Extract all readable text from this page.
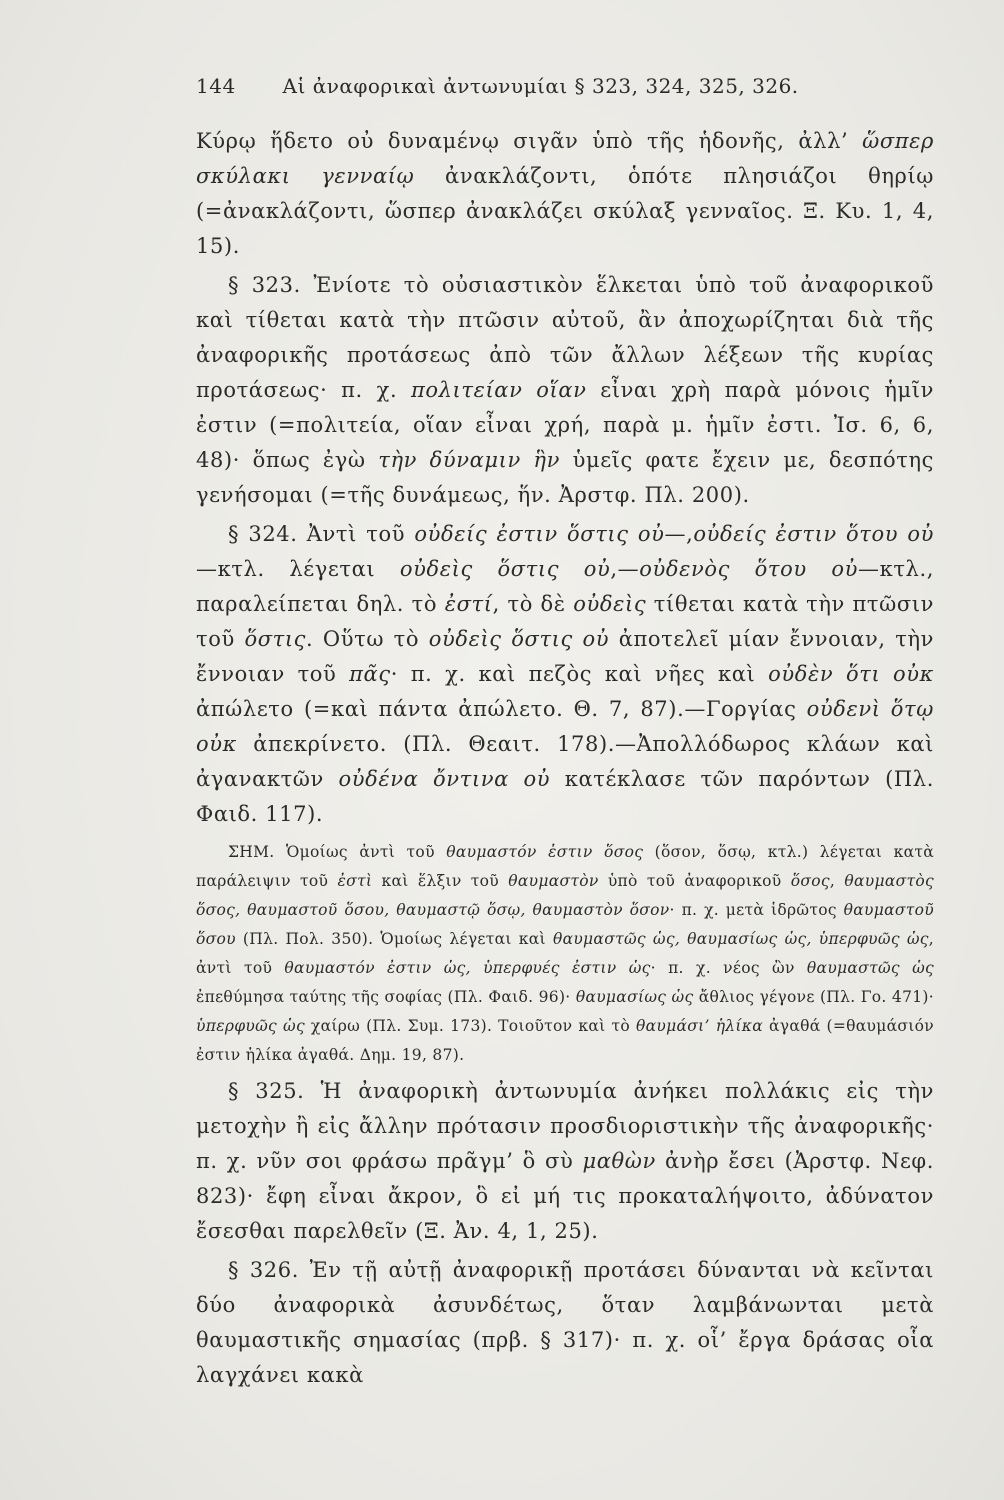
144 Αἱ ἀναφορικαὶ ἀντωνυμίαι § 323, 324, 325, 326.

Κύρῳ ἥδετο οὐ δυναμένῳ σιγᾶν ὑπὸ τῆς ἡδονῆς, ἀλλ’ ὥσπερ σκύλακι γενναίῳ ἀνακλάζοντι, ὁπότε πλησιάζοι θηρίῳ (=ἀνακλάζοντι, ὥσπερ ἀνακλάζει σκύλαξ γενναῖος. Ξ. Κυ. 1, 4, 15).

§ 323. Ἐνίοτε τὸ οὐσιαστικὸν ἕλκεται ὑπὸ τοῦ ἀναφορικοῦ καὶ τίθεται κατὰ τὴν πτῶσιν αὐτοῦ, ἂν ἀποχωρίζηται διὰ τῆς ἀναφορικῆς προτάσεως ἀπὸ τῶν ἄλλων λέξεων τῆς κυρίας προτάσεως· π. χ. πολιτείαν οἵαν εἶναι χρὴ παρὰ μόνοις ἡμῖν ἐστιν (=πολιτεία, οἵαν εἶναι χρή, παρὰ μ. ἡμῖν ἐστι. Ἰσ. 6, 6, 48)· ὅπως ἐγὼ τὴν δύναμιν ἣν ὑμεῖς φατε ἔχειν με, δεσπότης γενήσομαι (=τῆς δυνάμεως, ἥν. Ἀρστφ. Πλ. 200).

§ 324. Ἀντὶ τοῦ οὐδείς ἐστιν ὅστις οὐ—,οὐδείς ἐστιν ὅτου οὐ—κτλ. λέγεται οὐδεὶς ὅστις οὐ,—οὐδενὸς ὅτου οὐ—κτλ., παραλείπεται δηλ. τὸ ἐστί, τὸ δὲ οὐδεὶς τίθεται κατὰ τὴν πτῶσιν τοῦ ὅστις. Οὕτω τὸ οὐδεὶς ὅστις οὐ ἀποτελεῖ μίαν ἔννοιαν, τὴν ἔννοιαν τοῦ πᾶς· π. χ. καὶ πεζὸς καὶ νῆες καὶ οὐδὲν ὅτι οὐκ ἀπώλετο (=καὶ πάντα ἀπώλετο. Θ. 7, 87).—Γοργίας οὐδενὶ ὅτῳ οὐκ ἀπεκρίνετο. (Πλ. Θεαιτ. 178).—Ἀπολλόδωρος κλάων καὶ ἀγανακτῶν οὐδένα ὄντινα οὐ κατέκλασε τῶν παρόντων (Πλ. Φαιδ. 117).

ΣΗΜ. Ὁμοίως ἀντὶ τοῦ θαυμαστόν ἐστιν ὅσος (ὅσον, ὅσῳ, κτλ.) λέγεται κατὰ παράλειψιν τοῦ ἐστὶ καὶ ἕλξιν τοῦ θαυμαστὸν ὑπὸ τοῦ ἀναφορικοῦ ὅσος, θαυμαστὸς ὅσος, θαυμαστοῦ ὅσου, θαυμαστῷ ὅσῳ, θαυμαστὸν ὅσον· π. χ. μετὰ ἱδρῶτος θαυμαστοῦ ὅσου (Πλ. Πολ. 350). Ὁμοίως λέγεται καὶ θαυμαστῶς ὡς, θαυμασίως ὡς, ὑπερφυῶς ὡς, ἀντὶ τοῦ θαυμαστόν ἐστιν ὡς, ὑπερφυές ἐστιν ὡς· π. χ. νέος ὢν θαυμαστῶς ὡς ἐπεθύμησα ταύτης τῆς σοφίας (Πλ. Φαιδ. 96)· θαυμασίως ὡς ἄθλιος γέγονε (Πλ. Γο. 471)· ὑπερφυῶς ὡς χαίρω (Πλ. Συμ. 173). Τοιοῦτον καὶ τὸ θαυμάσι’ ἡλίκα ἀγαθά (=θαυμάσιόν ἐστιν ἡλίκα ἀγαθά. Δημ. 19, 87).

§ 325. Ἡ ἀναφορικὴ ἀντωνυμία ἀνήκει πολλάκις εἰς τὴν μετοχὴν ἢ εἰς ἄλλην πρότασιν προσδιοριστικὴν τῆς ἀναφορικῆς· π. χ. νῦν σοι φράσω πρᾶγμ’ ὃ σὺ μαθὼν ἀνὴρ ἔσει (Ἀρστφ. Νεφ. 823)· ἔφη εἶναι ἄκρον, ὃ εἰ μή τις προκαταλήψοιτο, ἀδύνατον ἔσεσθαι παρελθεῖν (Ξ. Ἀν. 4, 1, 25).

§ 326. Ἐν τῇ αὐτῇ ἀναφορικῇ προτάσει δύνανται νὰ κεῖνται δύο ἀναφορικὰ ἀσυνδέτως, ὅταν λαμβάνωνται μετὰ θαυμαστικῆς σημασίας (πρβ. § 317)· π. χ. οἷ’ ἔργα δράσας οἷα λαγχάνει κακὰ
